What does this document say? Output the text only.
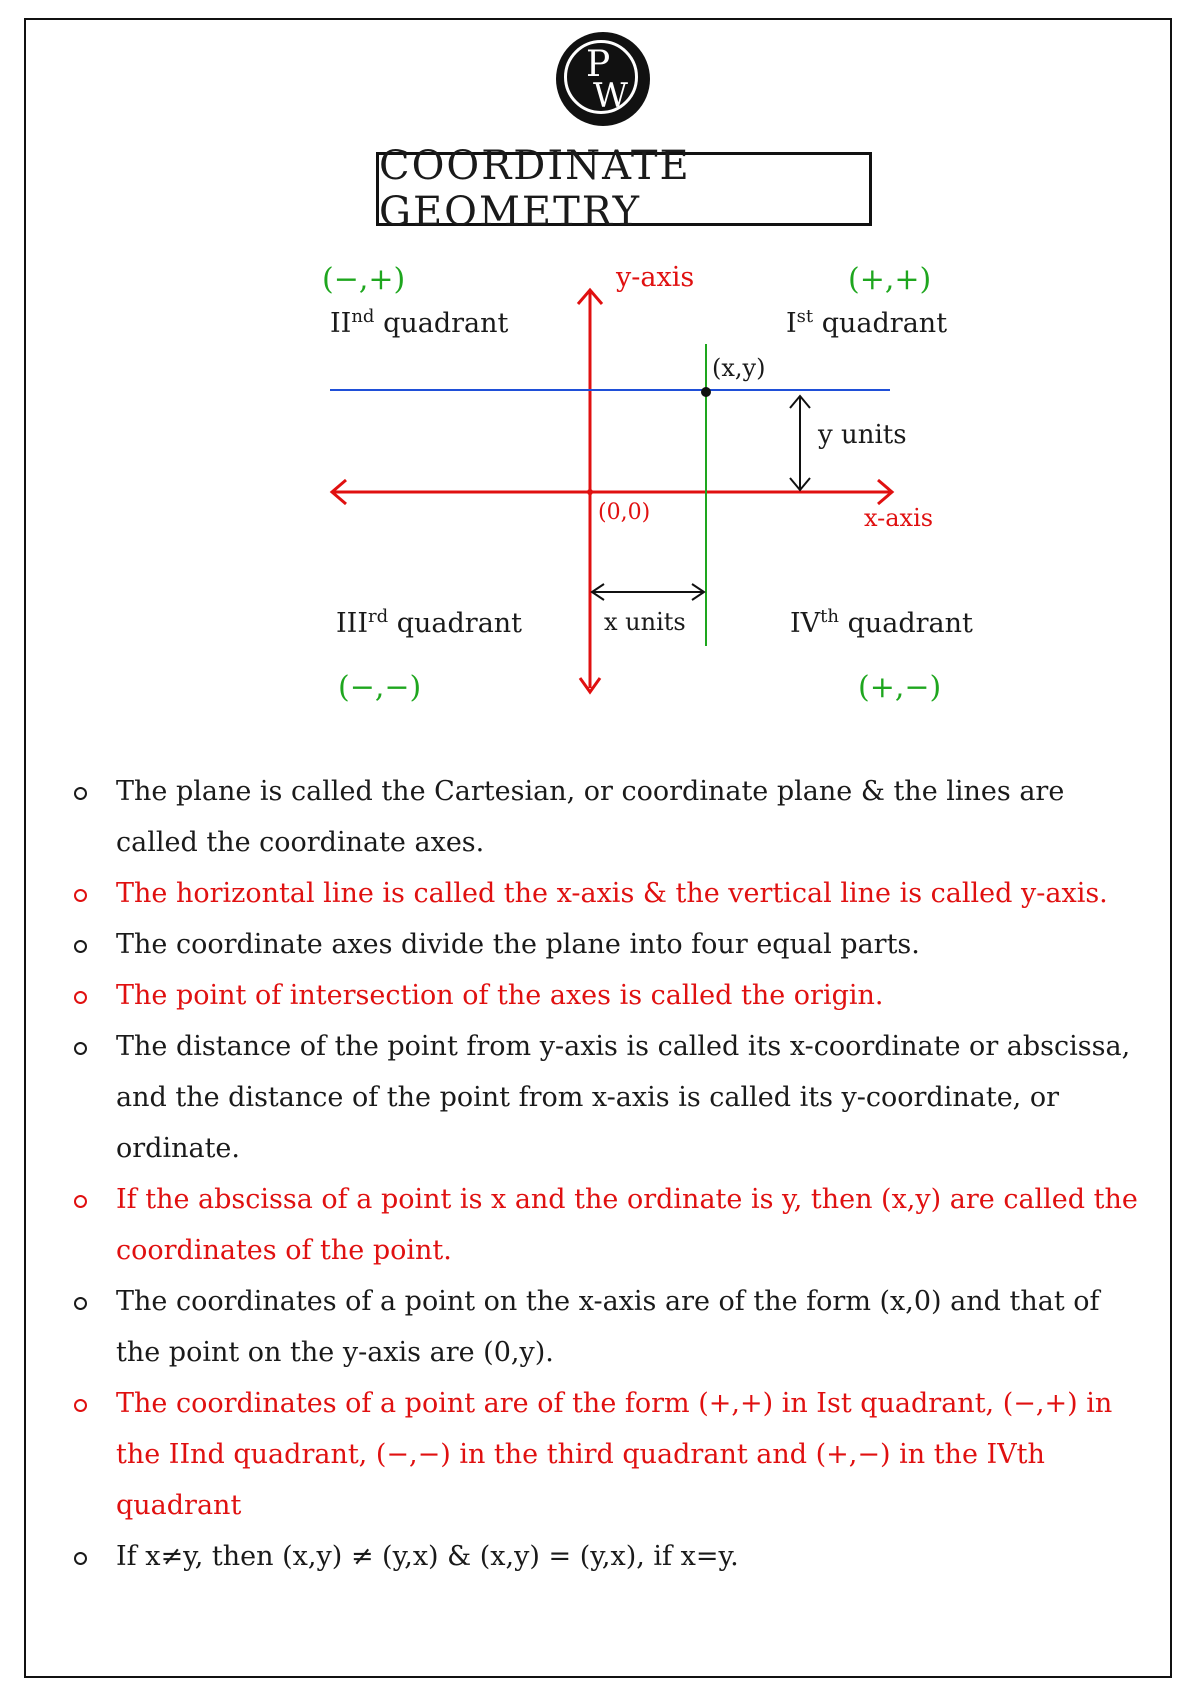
P
W
COORDINATE GEOMETRY
(−,+)
IInd quadrant
(+,+)
Ist quadrant
IIIrd quadrant
(−,−)
IVth quadrant
(+,−)
y-axis
x-axis
(0,0)
(x,y)
y units
x units
The plane is called the Cartesian, or coordinate plane & the lines are called the coordinate axes.
The horizontal line is called the x-axis & the vertical line is called y-axis.
The coordinate axes divide the plane into four equal parts.
The point of intersection of the axes is called the origin.
The distance of the point from y-axis is called its x-coordinate or abscissa, and the distance of the point from x-axis is called its y-coordinate, or ordinate.
If the abscissa of a point is x and the ordinate is y, then (x,y) are called the coordinates of the point.
The coordinates of a point on the x-axis are of the form (x,0) and that of the point on the y-axis are (0,y).
The coordinates of a point are of the form (+,+) in Ist quadrant, (−,+) in the IInd quadrant, (−,−) in the third quadrant and (+,−) in the IVth quadrant
If x≠y, then (x,y) ≠ (y,x) & (x,y) = (y,x), if x=y.
